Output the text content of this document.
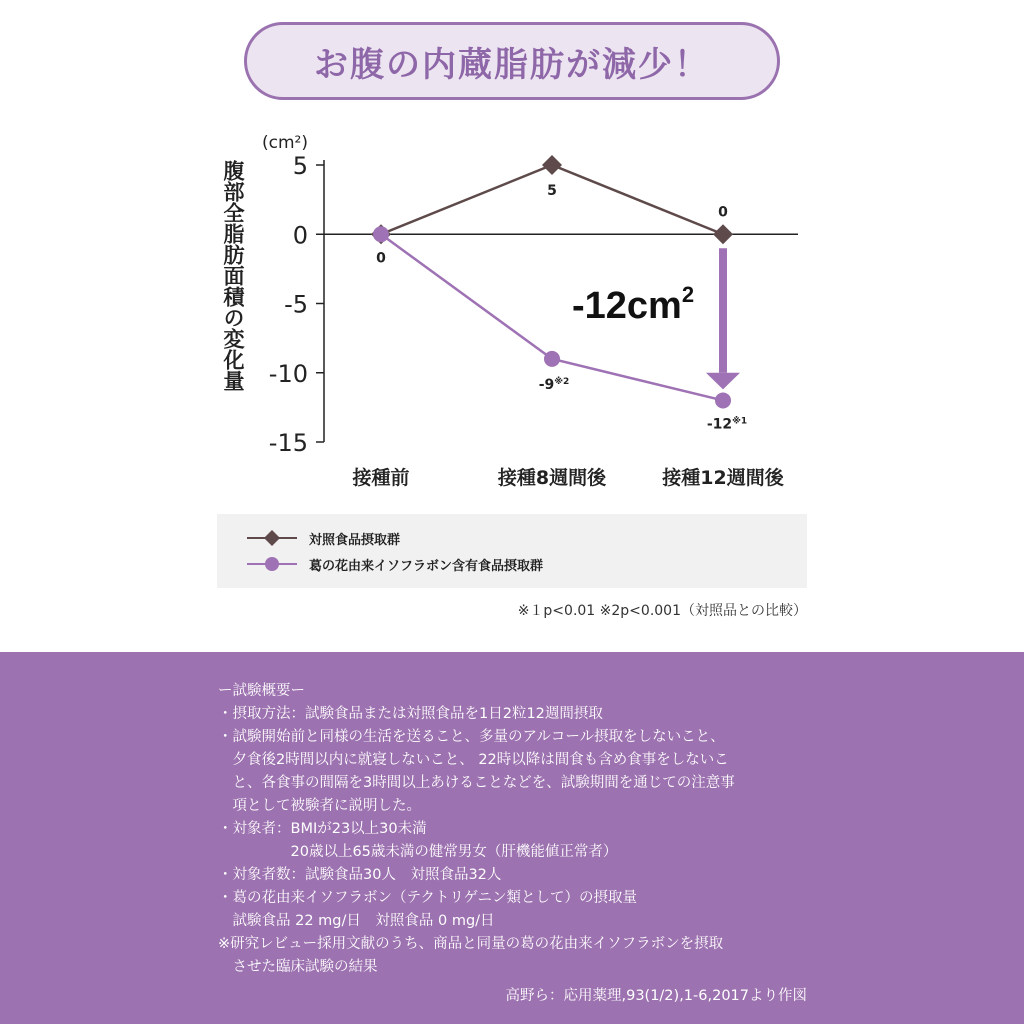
お腹の内蔵脂肪が減少！
腹部全脂肪面積の変化量
(cm²)
5
0
-5
-10
-15
接種前	接種8週間後	接種12週間後
5
0
0
-9$^{※2}$
-12$^{※1}$
$-12cm^2$
対照食品摂取群
葛の花由来イソフラボン含有食品摂取群
※１p<0.01 ※2p<0.001（対照品との比較）
ー試験概要ー
・摂取方法：試験食品または対照食品を1日2粒12週間摂取
・試験開始前と同様の生活を送ること、多量のアルコール摂取をしないこと、
　夕食後2時間以内に就寝しないこと、 22時以降は間食も含め食事をしないこ
　と、各食事の間隔を3時間以上あけることなどを、試験期間を通じての注意事
　項として被験者に説明した。
・対象者：BMIが23以上30未満
　　　　　20歳以上65歳未満の健常男女（肝機能値正常者）
・対象者数：試験食品30人　対照食品32人
・葛の花由来イソフラボン（テクトリゲニン類として）の摂取量
　試験食品 22 mg/日　対照食品 0 mg/日
※研究レビュー採用文献のうち、商品と同量の葛の花由来イソフラボンを摂取
　させた臨床試験の結果
高野ら：応用薬理,93(1/2),1-6,2017より作図
